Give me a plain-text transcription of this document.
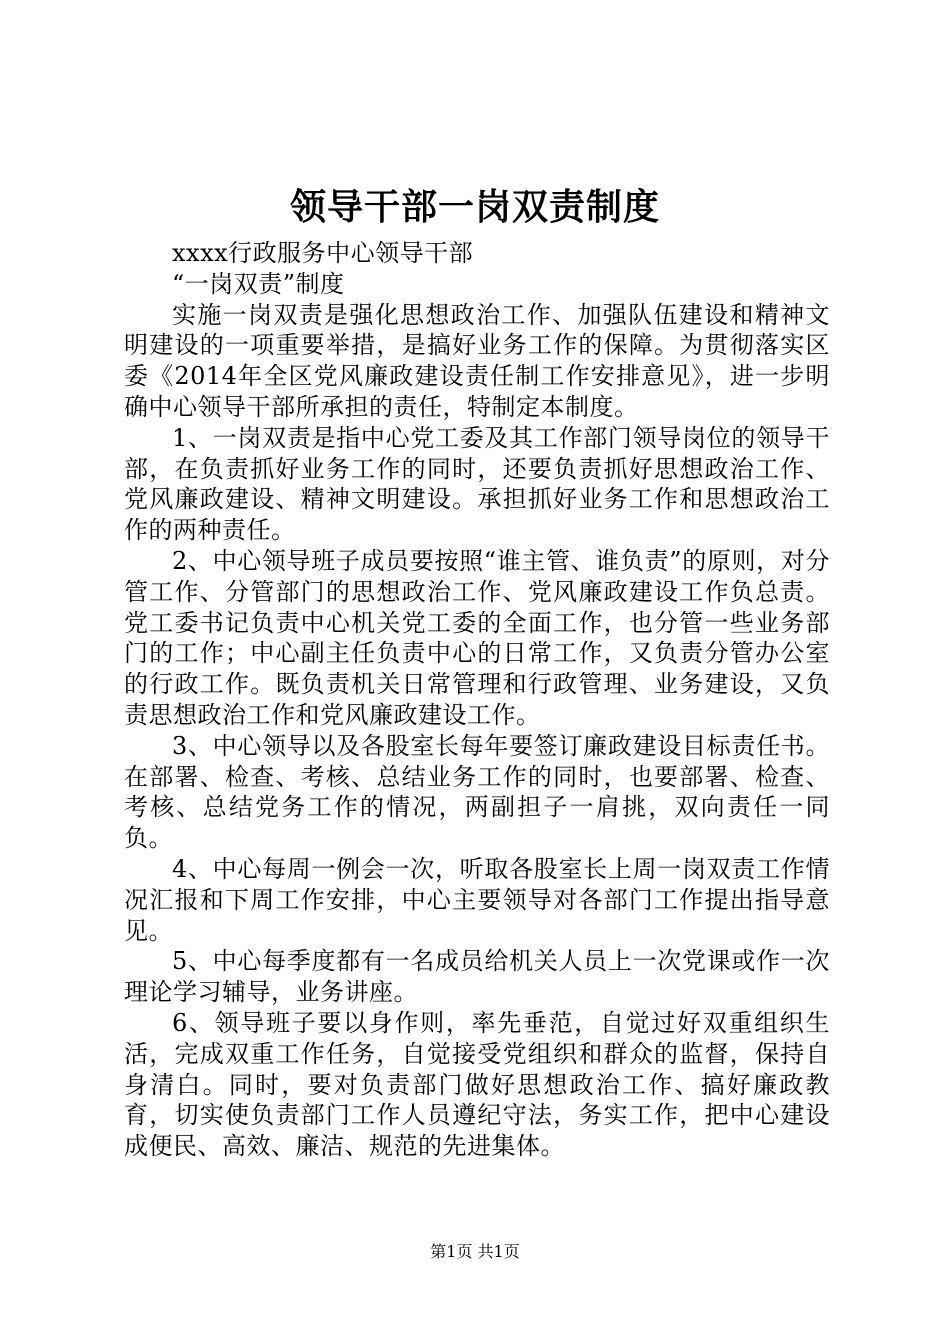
领导干部一岗双责制度

xxxx行政服务中心领导干部

“一岗双责”制度

实施一岗双责是强化思想政治工作、加强队伍建设和精神文明建设的一项重要举措，是搞好业务工作的保障。为贯彻落实区委《2014年全区党风廉政建设责任制工作安排意见》，进一步明确中心领导干部所承担的责任，特制定本制度。

1、一岗双责是指中心党工委及其工作部门领导岗位的领导干部，在负责抓好业务工作的同时，还要负责抓好思想政治工作、党风廉政建设、精神文明建设。承担抓好业务工作和思想政治工作的两种责任。

2、中心领导班子成员要按照“谁主管、谁负责”的原则，对分管工作、分管部门的思想政治工作、党风廉政建设工作负总责。党工委书记负责中心机关党工委的全面工作，也分管一些业务部门的工作；中心副主任负责中心的日常工作，又负责分管办公室的行政工作。既负责机关日常管理和行政管理、业务建设，又负责思想政治工作和党风廉政建设工作。

3、中心领导以及各股室长每年要签订廉政建设目标责任书。在部署、检查、考核、总结业务工作的同时，也要部署、检查、考核、总结党务工作的情况，两副担子一肩挑，双向责任一同负。

4、中心每周一例会一次，听取各股室长上周一岗双责工作情况汇报和下周工作安排，中心主要领导对各部门工作提出指导意见。

5、中心每季度都有一名成员给机关人员上一次党课或作一次理论学习辅导，业务讲座。

6、领导班子要以身作则，率先垂范，自觉过好双重组织生活，完成双重工作任务，自觉接受党组织和群众的监督，保持自身清白。同时，要对负责部门做好思想政治工作、搞好廉政教育，切实使负责部门工作人员遵纪守法，务实工作，把中心建设成便民、高效、廉洁、规范的先进集体。

第1页 共1页
